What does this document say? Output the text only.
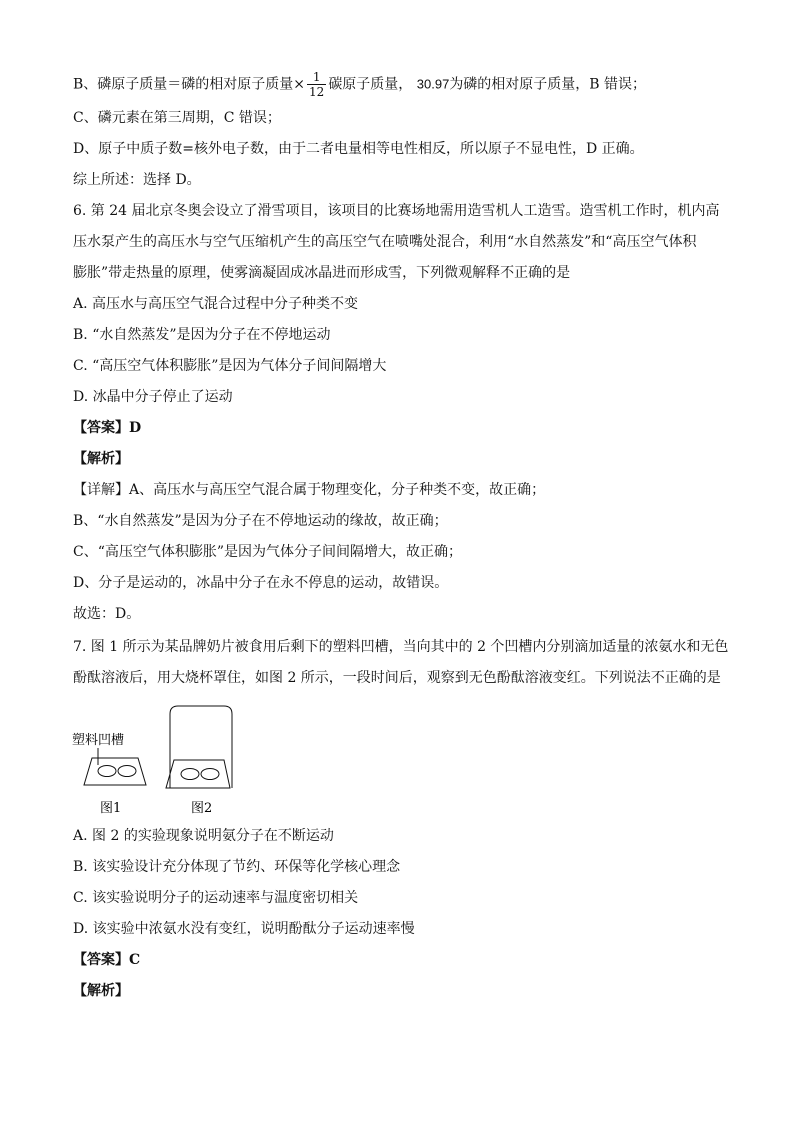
B、磷原子质量＝磷的相对原子质量× $\frac{1}{12}$ 碳原子质量， 30.97为磷的相对原子质量，B 错误；
C、磷元素在第三周期，C 错误；
D、原子中质子数=核外电子数，由于二者电量相等电性相反，所以原子不显电性，D 正确。
综上所述：选择 D。
6. 第 24 届北京冬奥会设立了滑雪项目，该项目的比赛场地需用造雪机人工造雪。造雪机工作时，机内高
压水泵产生的高压水与空气压缩机产生的高压空气在喷嘴处混合，利用“水自然蒸发”和“高压空气体积
膨胀”带走热量的原理，使雾滴凝固成冰晶进而形成雪，下列微观解释不正确的是
A. 高压水与高压空气混合过程中分子种类不变
B. “水自然蒸发”是因为分子在不停地运动
C. “高压空气体积膨胀”是因为气体分子间间隔增大
D. 冰晶中分子停止了运动
【答案】D
【解析】
【详解】A、高压水与高压空气混合属于物理变化，分子种类不变，故正确；
B、“水自然蒸发”是因为分子在不停地运动的缘故，故正确；
C、“高压空气体积膨胀”是因为气体分子间间隔增大，故正确；
D、分子是运动的，冰晶中分子在永不停息的运动，故错误。
故选：D。
7. 图 1 所示为某品牌奶片被食用后剩下的塑料凹槽，当向其中的 2 个凹槽内分别滴加适量的浓氨水和无色
酚酞溶液后，用大烧杯罩住，如图 2 所示，一段时间后，观察到无色酚酞溶液变红。下列说法不正确的是
塑料凹槽
图1	图2
A. 图 2 的实验现象说明氨分子在不断运动
B. 该实验设计充分体现了节约、环保等化学核心理念
C. 该实验说明分子的运动速率与温度密切相关
D. 该实验中浓氨水没有变红，说明酚酞分子运动速率慢
【答案】C
【解析】
